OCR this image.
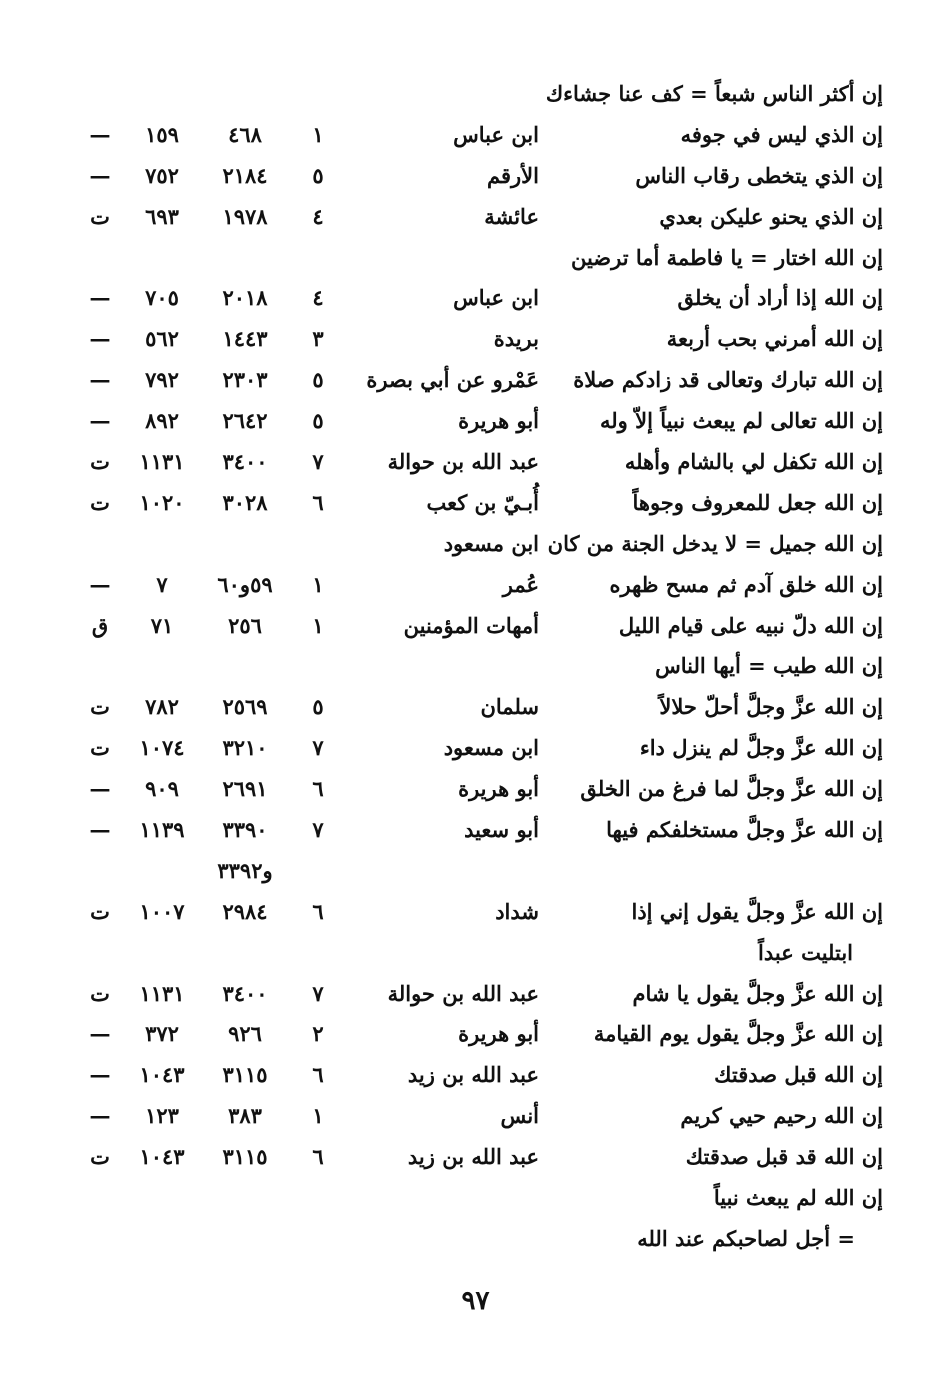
إن أكثر الناس شبعاً = كف عنا جشاءك
إن الذي ليس في جوفه
ابن عباس
١
٤٦٨
١٥٩
—
إن الذي يتخطى رقاب الناس
الأرقم
٥
٢١٨٤
٧٥٢
—
إن الذي يحنو عليكن بعدي
عائشة
٤
١٩٧٨
٦٩٣
ت
إن الله اختار = يا فاطمة أما ترضين
إن الله إذا أراد أن يخلق
ابن عباس
٤
٢٠١٨
٧٠٥
—
إن الله أمرني بحب أربعة
بريدة
٣
١٤٤٣
٥٦٢
—
إن الله تبارك وتعالى قد زادكم صلاة
عَمْرو عن أبي بصرة
٥
٢٣٠٣
٧٩٢
—
إن الله تعالى لم يبعث نبياً إلاّ وله
أبو هريرة
٥
٢٦٤٢
٨٩٢
—
إن الله تكفل لي بالشام وأهله
عبد الله بن حوالة
٧
٣٤٠٠
١١٣١
ت
إن الله جعل للمعروف وجوهاً
أُبـيّ بن كعب
٦
٣٠٢٨
١٠٢٠
ت
إن الله جميل = لا يدخل الجنة من كان
ابن مسعود
إن الله خلق آدم ثم مسح ظهره
عُمر
١
٥٩و٦٠
٧
—
إن الله دلّ نبيه على قيام الليل
أمهات المؤمنين
١
٢٥٦
٧١
ق
إن الله طيب = أيها الناس
إن الله عزَّ وجلَّ أحلّ حلالاً
سلمان
٥
٢٥٦٩
٧٨٢
ت
إن الله عزَّ وجلَّ لم ينزل داء
ابن مسعود
٧
٣٢١٠
١٠٧٤
ت
إن الله عزَّ وجلَّ لما فرغ من الخلق
أبو هريرة
٦
٢٦٩١
٩٠٩
—
إن الله عزَّ وجلَّ مستخلفكم فيها
أبو سعيد
٧
٣٣٩٠
١١٣٩
—
و٣٣٩٢
إن الله عزَّ وجلَّ يقول إني إذا
شداد
٦
٢٩٨٤
١٠٠٧
ت
ابتليت عبداً
إن الله عزَّ وجلَّ يقول يا شام
عبد الله بن حوالة
٧
٣٤٠٠
١١٣١
ت
إن الله عزَّ وجلَّ يقول يوم القيامة
أبو هريرة
٢
٩٢٦
٣٧٢
—
إن الله قبل صدقتك
عبد الله بن زيد
٦
٣١١٥
١٠٤٣
—
إن الله رحيم حيي كريم
أنس
١
٣٨٣
١٢٣
—
إن الله قد قبل صدقتك
عبد الله بن زيد
٦
٣١١٥
١٠٤٣
ت
إن الله لم يبعث نبياً
= أجل لصاحبكم عند الله
٩٧
